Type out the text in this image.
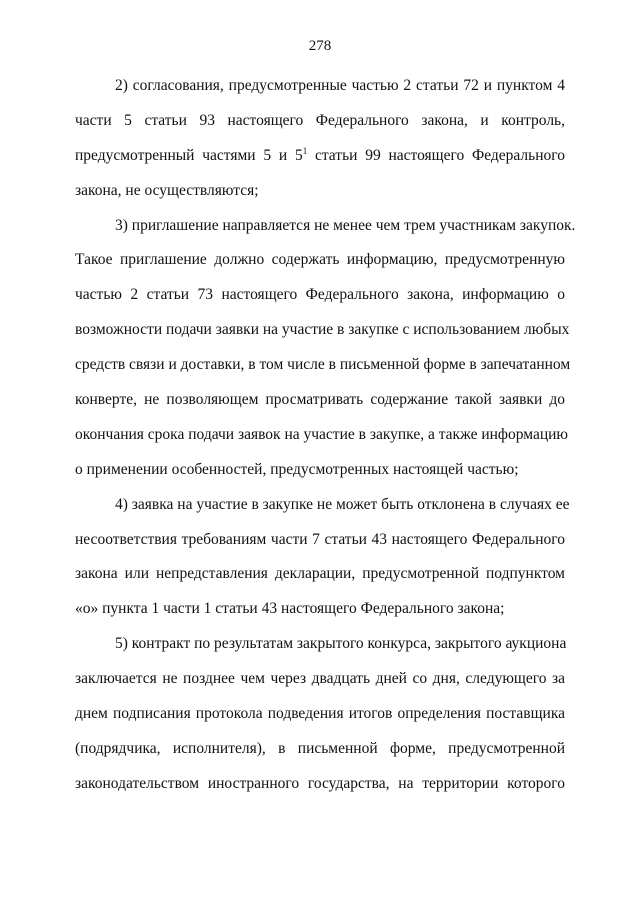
278
2) согласования, предусмотренные частью 2 статьи 72 и пунктом 4
части 5 статьи 93 настоящего Федерального закона, и контроль,
предусмотренный частями 5 и $5^1$ статьи 99 настоящего Федерального
закона, не осуществляются;
3) приглашение направляется не менее чем трем участникам закупок.
Такое приглашение должно содержать информацию, предусмотренную
частью 2 статьи 73 настоящего Федерального закона, информацию о
возможности подачи заявки на участие в закупке с использованием любых
средств связи и доставки, в том числе в письменной форме в запечатанном
конверте, не позволяющем просматривать содержание такой заявки до
окончания срока подачи заявок на участие в закупке, а также информацию
о применении особенностей, предусмотренных настоящей частью;
4) заявка на участие в закупке не может быть отклонена в случаях ее
несоответствия требованиям части 7 статьи 43 настоящего Федерального
закона или непредставления декларации, предусмотренной подпунктом
«о» пункта 1 части 1 статьи 43 настоящего Федерального закона;
5) контракт по результатам закрытого конкурса, закрытого аукциона
заключается не позднее чем через двадцать дней со дня, следующего за
днем подписания протокола подведения итогов определения поставщика
(подрядчика, исполнителя), в письменной форме, предусмотренной
законодательством иностранного государства, на территории которого
